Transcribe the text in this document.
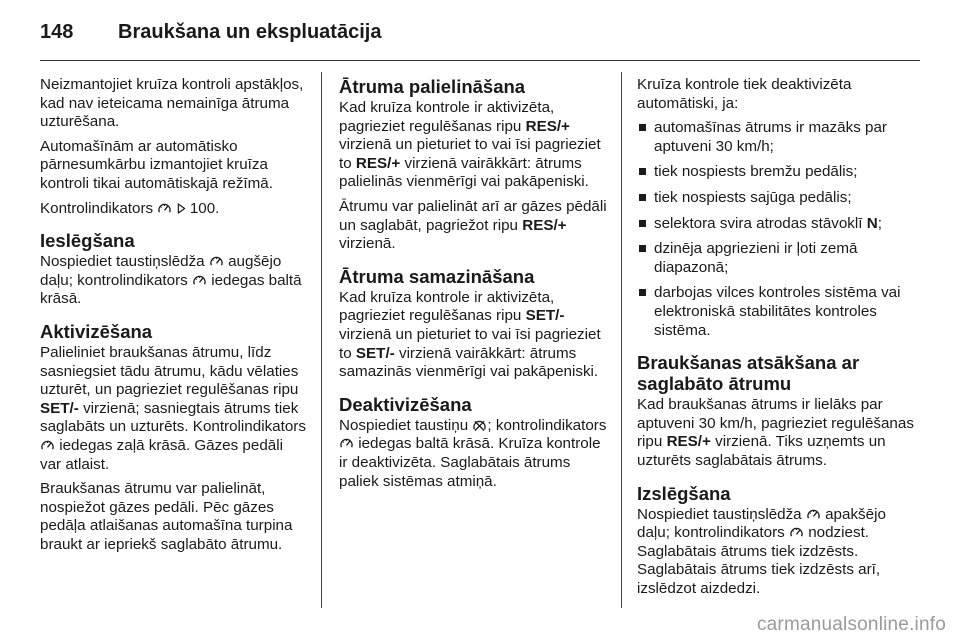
148	Braukšana un ekspluatācija

Neizmantojiet kruīza kontroli apstākļos, kad nav ieteicama nemainīga ātruma uzturēšana.

Automašīnām ar automātisko pārnesumkārbu izmantojiet kruīza kontroli tikai automātiskajā režīmā.

Kontrolindikators
100.

Ieslēgšana

Nospiediet taustiņslēdža augšējo daļu; kontrolindikators iedegas baltā krāsā.

Aktivizēšana

Palieliniet braukšanas ātrumu, līdz sasniegsiet tādu ātrumu, kādu vēlaties uzturēt, un pagrieziet regulēšanas ripu SET/- virzienā; sasniegtais ātrums tiek saglabāts un uzturēts. Kontrolindikators
iedegas zaļā krāsā. Gāzes pedāli var atlaist.

Braukšanas ātrumu var palielināt, nospiežot gāzes pedāli. Pēc gāzes pedāļa atlaišanas automašīna turpina braukt ar iepriekš saglabāto ātrumu.

Ātruma palielināšana

Kad kruīza kontrole ir aktivizēta, pagrieziet regulēšanas ripu RES/+ virzienā un pieturiet to vai īsi pagrieziet to RES/+ virzienā vairākkārt: ātrums palielinās vienmērīgi vai pakāpeniski.

Ātrumu var palielināt arī ar gāzes pēdāli un saglabāt, pagriežot ripu RES/+ virzienā.

Ātruma samazināšana

Kad kruīza kontrole ir aktivizēta, pagrieziet regulēšanas ripu SET/- virzienā un pieturiet to vai īsi pagrieziet to SET/- virzienā vairākkārt: ātrums samazinās vienmērīgi vai pakāpeniski.

Deaktivizēšana

Nospiediet taustiņu ; kontrolindikators
iedegas baltā krāsā. Kruīza kontrole ir deaktivizēta. Saglabātais ātrums paliek sistēmas atmiņā.

Kruīza kontrole tiek deaktivizēta automātiski, ja:

automašīnas ātrums ir mazāks par aptuveni 30 km/h;
tiek nospiests bremžu pedālis;
tiek nospiests sajūga pedālis;
selektora svira atrodas stāvoklī N;
dzinēja apgriezieni ir ļoti zemā diapazonā;
darbojas vilces kontroles sistēma vai elektroniskā stabilitātes kontroles sistēma.
Braukšanas atsākšana ar saglabāto ātrumu

Kad braukšanas ātrums ir lielāks par aptuveni 30 km/h, pagrieziet regulēšanas ripu RES/+ virzienā. Tiks uzņemts un uzturēts saglabātais ātrums.

Izslēgšana

Nospiediet taustiņslēdža apakšējo daļu; kontrolindikators nodziest. Saglabātais ātrums tiek izdzēsts. Saglabātais ātrums tiek izdzēsts arī, izslēdzot aizdedzi.

carmanualsonline.info
